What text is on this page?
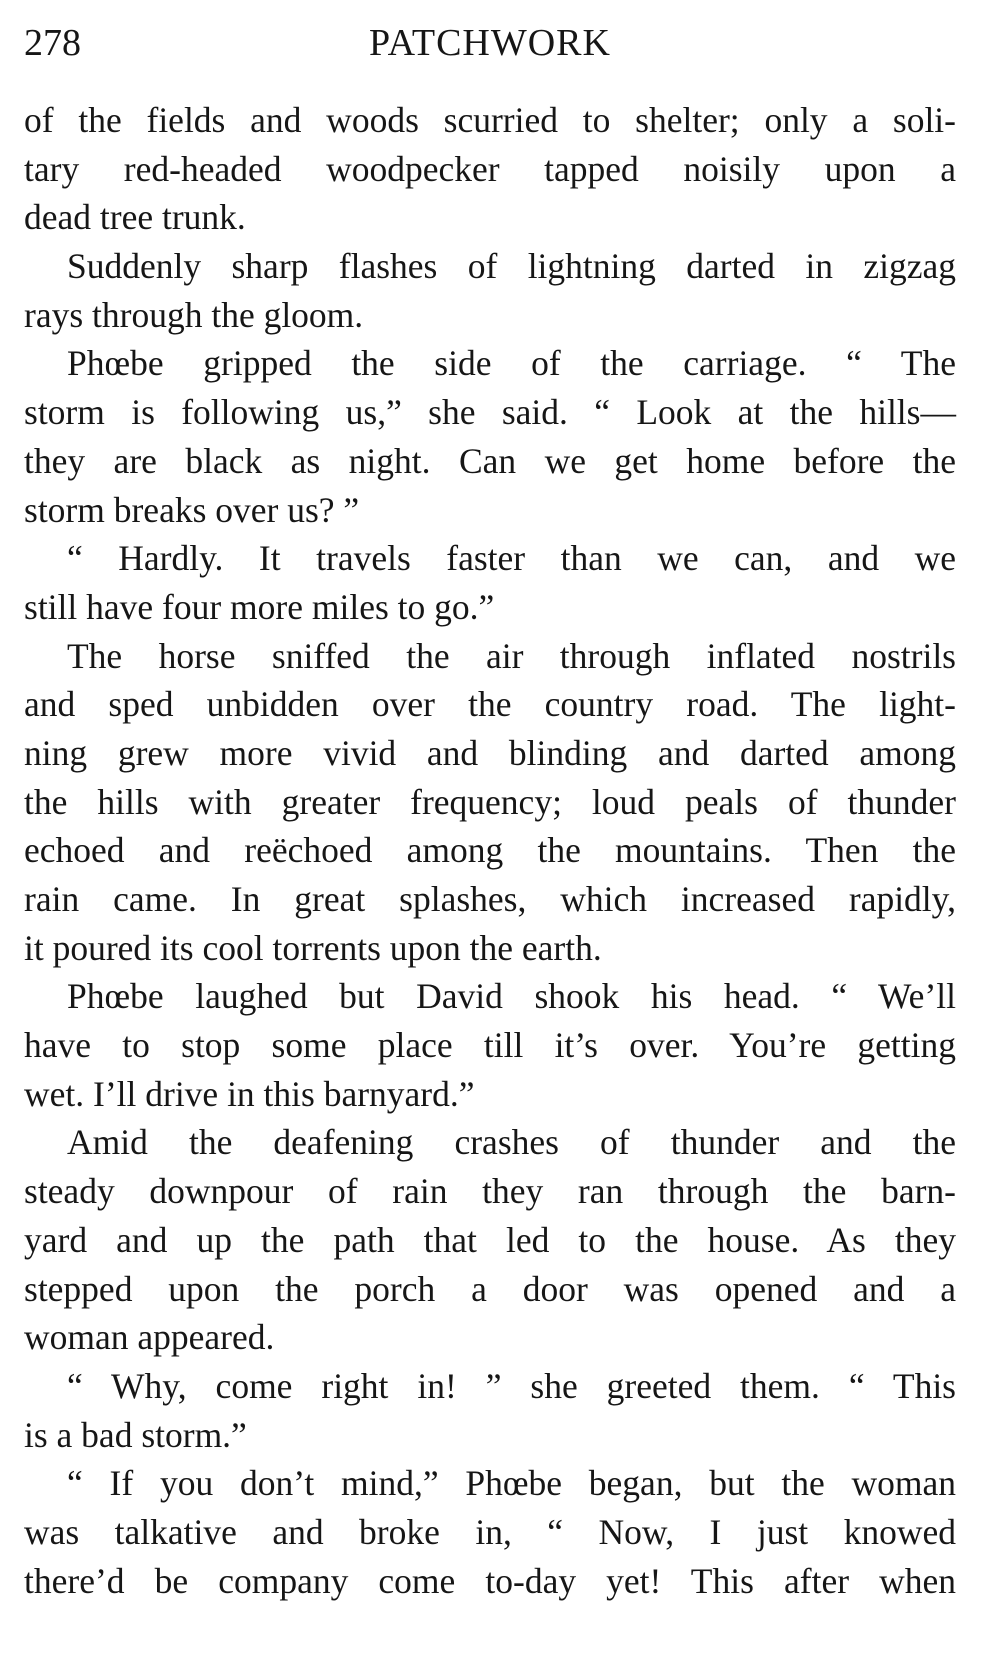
278	PATCHWORK
of the fields and woods scurried to shelter; only a soli-
tary red-headed woodpecker tapped noisily upon a
dead tree trunk.
Suddenly sharp flashes of lightning darted in zigzag
rays through the gloom.
Phœbe gripped the side of the carriage. “ The
storm is following us,” she said. “ Look at the hills—
they are black as night. Can we get home before the
storm breaks over us? ”
“ Hardly. It travels faster than we can, and we
still have four more miles to go.”
The horse sniffed the air through inflated nostrils
and sped unbidden over the country road. The light-
ning grew more vivid and blinding and darted among
the hills with greater frequency; loud peals of thunder
echoed and reëchoed among the mountains. Then the
rain came. In great splashes, which increased rapidly,
it poured its cool torrents upon the earth.
Phœbe laughed but David shook his head. “ We’ll
have to stop some place till it’s over. You’re getting
wet. I’ll drive in this barnyard.”
Amid the deafening crashes of thunder and the
steady downpour of rain they ran through the barn-
yard and up the path that led to the house. As they
stepped upon the porch a door was opened and a
woman appeared.
“ Why, come right in! ” she greeted them. “ This
is a bad storm.”
“ If you don’t mind,” Phœbe began, but the woman
was talkative and broke in, “ Now, I just knowed
there’d be company come to-day yet! This after when
